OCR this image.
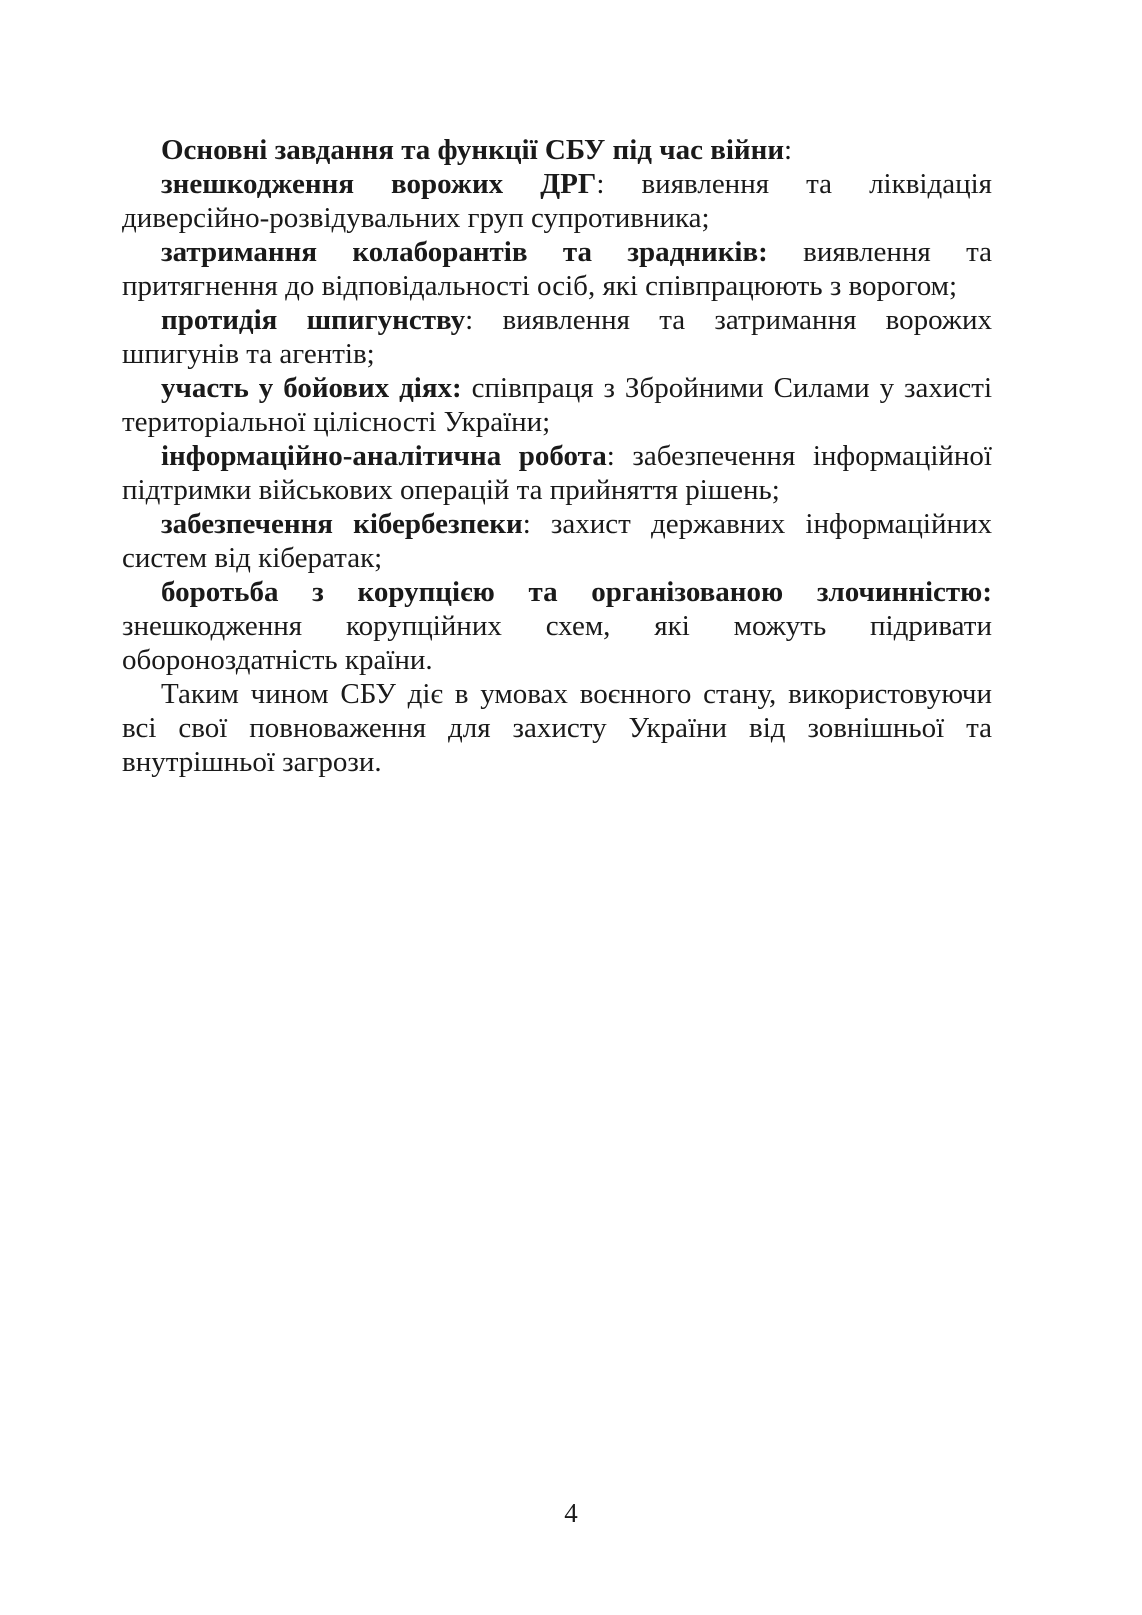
Основні завдання та функції СБУ під час війни:

знешкодження ворожих ДРГ: виявлення та ліквідація диверсійно-розвідувальних груп супротивника;

затримання колаборантів та зрадників: виявлення та притягнення до відповідальності осіб, які співпрацюють з ворогом;

протидія шпигунству: виявлення та затримання ворожих шпигунів та агентів;

участь у бойових діях: співпраця з Збройними Силами у захисті територіальної цілісності України;

інформаційно-аналітична робота: забезпечення інформаційної підтримки військових операцій та прийняття рішень;

забезпечення кібербезпеки: захист державних інформаційних систем від кібератак;

боротьба з корупцією та організованою злочинністю: знешкодження корупційних схем, які можуть підривати обороноздатність країни.

Таким чином СБУ діє в умовах воєнного стану, використовуючи всі свої повноваження для захисту України від зовнішньої та внутрішньої загрози.

4
